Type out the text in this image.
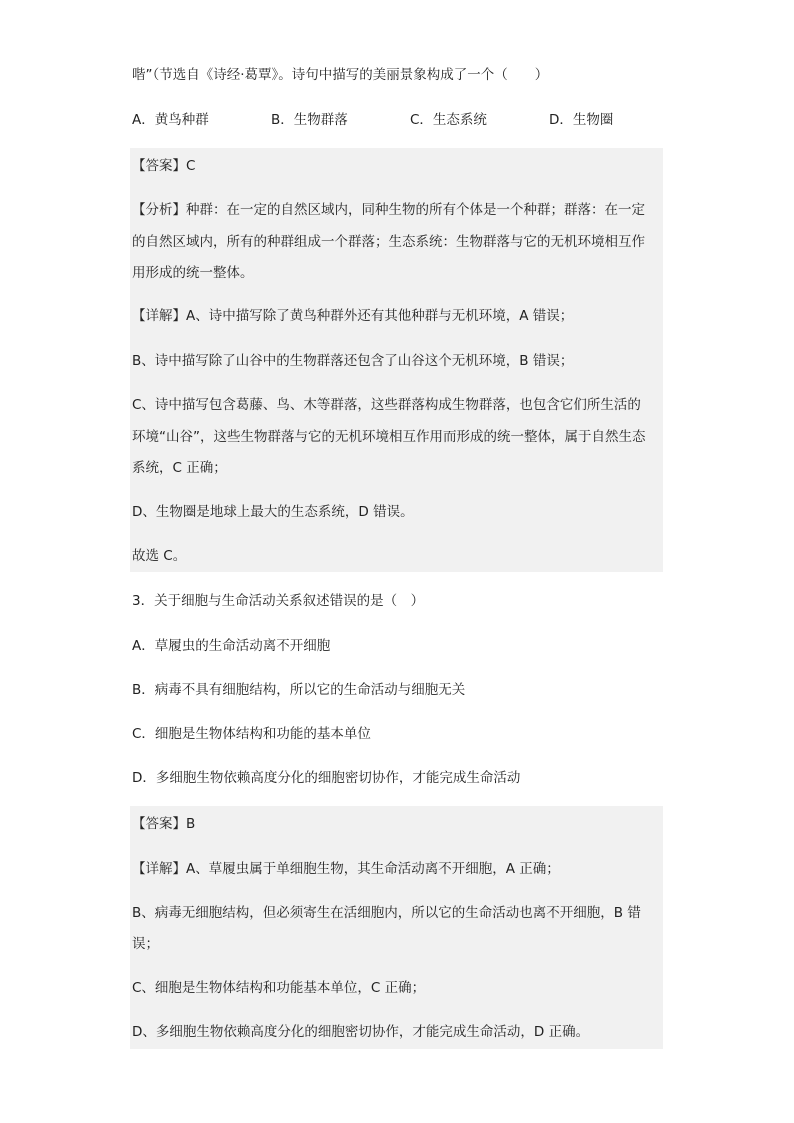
喈”（节选自《诗经·葛覃》。诗句中描写的美丽景象构成了一个（　　）
A．黄鸟种群	B．生物群落	C．生态系统	D．生物圈
【答案】C
【分析】种群：在一定的自然区域内，同种生物的所有个体是一个种群；群落：在一定
的自然区域内，所有的种群组成一个群落；生态系统：生物群落与它的无机环境相互作
用形成的统一整体。
【详解】A、诗中描写除了黄鸟种群外还有其他种群与无机环境，A 错误；
B、诗中描写除了山谷中的生物群落还包含了山谷这个无机环境，B 错误；
C、诗中描写包含葛藤、鸟、木等群落，这些群落构成生物群落，也包含它们所生活的
环境“山谷”，这些生物群落与它的无机环境相互作用而形成的统一整体，属于自然生态
系统，C 正确；
D、生物圈是地球上最大的生态系统，D 错误。
故选 C。
3．关于细胞与生命活动关系叙述错误的是（　）
A．草履虫的生命活动离不开细胞
B．病毒不具有细胞结构，所以它的生命活动与细胞无关
C．细胞是生物体结构和功能的基本单位
D．多细胞生物依赖高度分化的细胞密切协作，才能完成生命活动
【答案】B
【详解】A、草履虫属于单细胞生物，其生命活动离不开细胞，A 正确；
B、病毒无细胞结构，但必须寄生在活细胞内，所以它的生命活动也离不开细胞，B 错
误；
C、细胞是生物体结构和功能基本单位，C 正确；
D、多细胞生物依赖高度分化的细胞密切协作，才能完成生命活动，D 正确。
